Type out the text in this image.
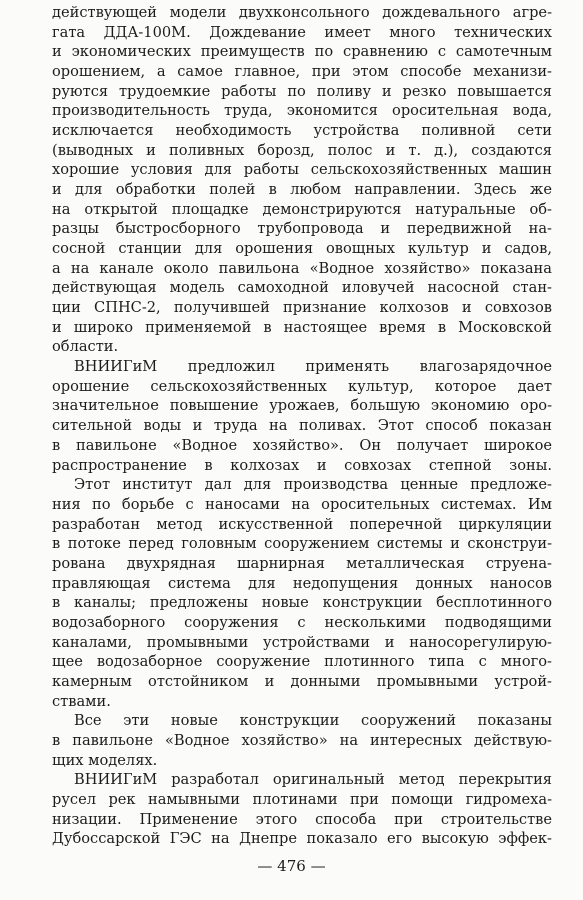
действующей модели двухконсольного дождевального агре-
гата ДДА-100М. Дождевание имеет много технических
и экономических преимуществ по сравнению с самотечным
орошением, а самое главное, при этом способе механизи-
руются трудоемкие работы по поливу и резко повышается
производительность труда, экономится оросительная вода,
исключается необходимость устройства поливной сети
(выводных и поливных борозд, полос и т. д.), создаются
хорошие условия для работы сельскохозяйственных машин
и для обработки полей в любом направлении. Здесь же
на открытой площадке демонстрируются натуральные об-
разцы быстросборного трубопровода и передвижной на-
сосной станции для орошения овощных культур и садов,
а на канале около павильона «Водное хозяйство» показана
действующая модель самоходной иловучей насосной стан-
ции СПНС-2, получившей признание колхозов и совхозов
и широко применяемой в настоящее время в Московской
области.
ВНИИГиМ предложил применять влагозарядочное
орошение сельскохозяйственных культур, которое дает
значительное повышение урожаев, большую экономию оро-
сительной воды и труда на поливах. Этот способ показан
в павильоне «Водное хозяйство». Он получает широкое
распространение в колхозах и совхозах степной зоны.
Этот институт дал для производства ценные предложе-
ния по борьбе с наносами на оросительных системах. Им
разработан метод искусственной поперечной циркуляции
в потоке перед головным сооружением системы и сконструи-
рована двухрядная шарнирная металлическая струена-
правляющая система для недопущения донных наносов
в каналы; предложены новые конструкции бесплотинного
водозаборного сооружения с несколькими подводящими
каналами, промывными устройствами и наносорегулирую-
щее водозаборное сооружение плотинного типа с много-
камерным отстойником и донными промывными устрой-
ствами.
Все эти новые конструкции сооружений показаны
в павильоне «Водное хозяйство» на интересных действую-
щих моделях.
ВНИИГиМ разработал оригинальный метод перекрытия
русел рек намывными плотинами при помощи гидромеха-
низации. Применение этого способа при строительстве
Дубоссарской ГЭС на Днепре показало его высокую эффек-
— 476 —
